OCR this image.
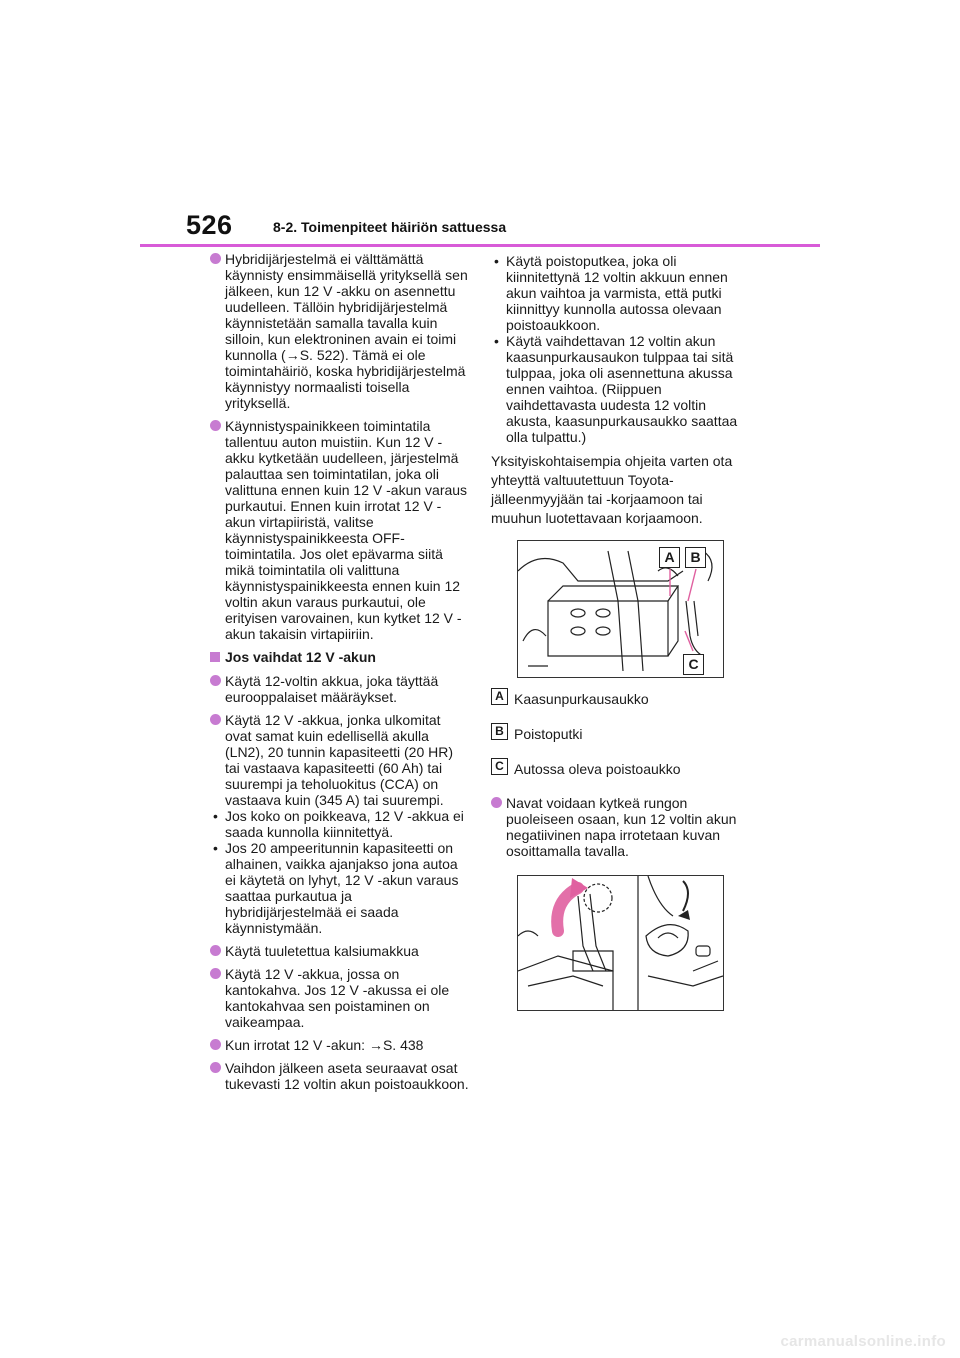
526	8-2. Toimenpiteet häiriön sattuessa
Hybridijärjestelmä ei välttämättä käynnisty ensimmäisellä yrityksellä sen jälkeen, kun 12 V -akku on asennettu uudelleen. Tällöin hybridijärjestelmä käynnistetään samalla tavalla kuin silloin, kun elektroninen avain ei toimi kunnolla (→S. 522). Tämä ei ole toimintahäiriö, koska hybridijärjestelmä käynnistyy normaalisti toisella yrityksellä.
Käynnistyspainikkeen toimintatila tallentuu auton muistiin. Kun 12 V -akku kytketään uudelleen, järjestelmä palauttaa sen toimintatilan, joka oli valittuna ennen kuin 12 V -akun varaus purkautui. Ennen kuin irrotat 12 V -akun virtapiiristä, valitse käynnistyspainikkeesta OFF-toimintatila. Jos olet epävarma siitä mikä toimintatila oli valittuna käynnistyspainikkeesta ennen kuin 12 voltin akun varaus purkautui, ole erityisen varovainen, kun kytket 12 V -akun takaisin virtapiiriin.
Jos vaihdat 12 V -akun
Käytä 12-voltin akkua, joka täyttää eurooppalaiset määräykset.
Käytä 12 V -akkua, jonka ulkomitat ovat samat kuin edellisellä akulla (LN2), 20 tunnin kapasiteetti (20 HR) tai vastaava kapasiteetti (60 Ah) tai suurempi ja teholuokitus (CCA) on vastaava kuin (345 A) tai suurempi.
• Jos koko on poikkeava, 12 V -akkua ei saada kunnolla kiinnitettyä.
• Jos 20 ampeeritunnin kapasiteetti on alhainen, vaikka ajanjakso jona autoa ei käytetä on lyhyt, 12 V -akun varaus saattaa purkautua ja hybridijärjestelmää ei saada käynnistymään.
Käytä tuuletettua kalsiumakkua
Käytä 12 V -akkua, jossa on kantokahva. Jos 12 V -akussa ei ole kantokahvaa sen poistaminen on vaikeampaa.
Kun irrotat 12 V -akun: →S. 438
Vaihdon jälkeen aseta seuraavat osat tukevasti 12 voltin akun poistoaukkoon.
• Käytä poistoputkea, joka oli kiinnitettynä 12 voltin akkuun ennen akun vaihtoa ja varmista, että putki kiinnittyy kunnolla autossa olevaan poistoaukkoon.
• Käytä vaihdettavan 12 voltin akun kaasunpurkausaukon tulppaa tai sitä tulppaa, joka oli asennettuna akussa ennen vaihtoa. (Riippuen vaihdettavasta uudesta 12 voltin akusta, kaasunpurkausaukko saattaa olla tulpattu.)
Yksityiskohtaisempia ohjeita varten ota yhteyttä valtuutettuun Toyota-jälleenmyyjään tai -korjaamoon tai muuhun luotettavaan korjaamoon.
A	B
C
A Kaasunpurkausaukko
B Poistoputki
C Autossa oleva poistoaukko
Navat voidaan kytkeä rungon puoleiseen osaan, kun 12 voltin akun negatiivinen napa irrotetaan kuvan osoittamalla tavalla.
carmanualsonline.info
